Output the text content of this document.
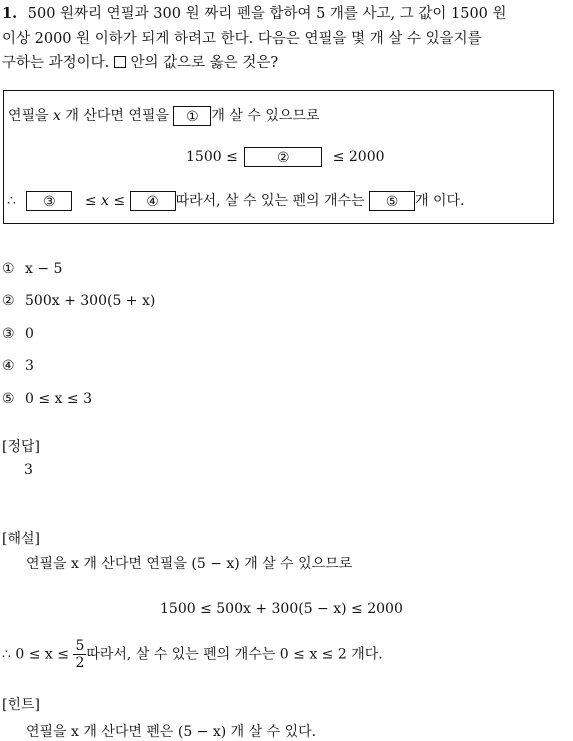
1. 500 원짜리 연필과 300 원 짜리 펜을 합하여 5 개를 사고, 그 값이 1500 원
이상 2000 원 이하가 되게 하려고 한다. 다음은 연필을 몇 개 살 수 있을지를
구하는 과정이다. 안의 값으로 옳은 것은?
연필을 x 개 산다면 연필을 ① 개 살 수 있으므로
1500 ≤	②	≤ 2000
∴ ③ ≤ x ≤ ④ 따라서, 살 수 있는 펜의 개수는 ⑤ 개 이다.
① x − 5
② 500x + 300(5 + x)
③ 0
④ 3
⑤ 0 ≤ x ≤ 3
[정답]
3
[해설]
연필을 x 개 산다면 연필을 (5 − x) 개 살 수 있으므로
1500 ≤ 500x + 300(5 − x) ≤ 2000
∴ $0 \le x \le \frac{5}{2}$ 따라서, 살 수 있는 펜의 개수는 0 ≤ x ≤ 2 개다.
[힌트]
연필을 x 개 산다면 펜은 (5 − x) 개 살 수 있다.
